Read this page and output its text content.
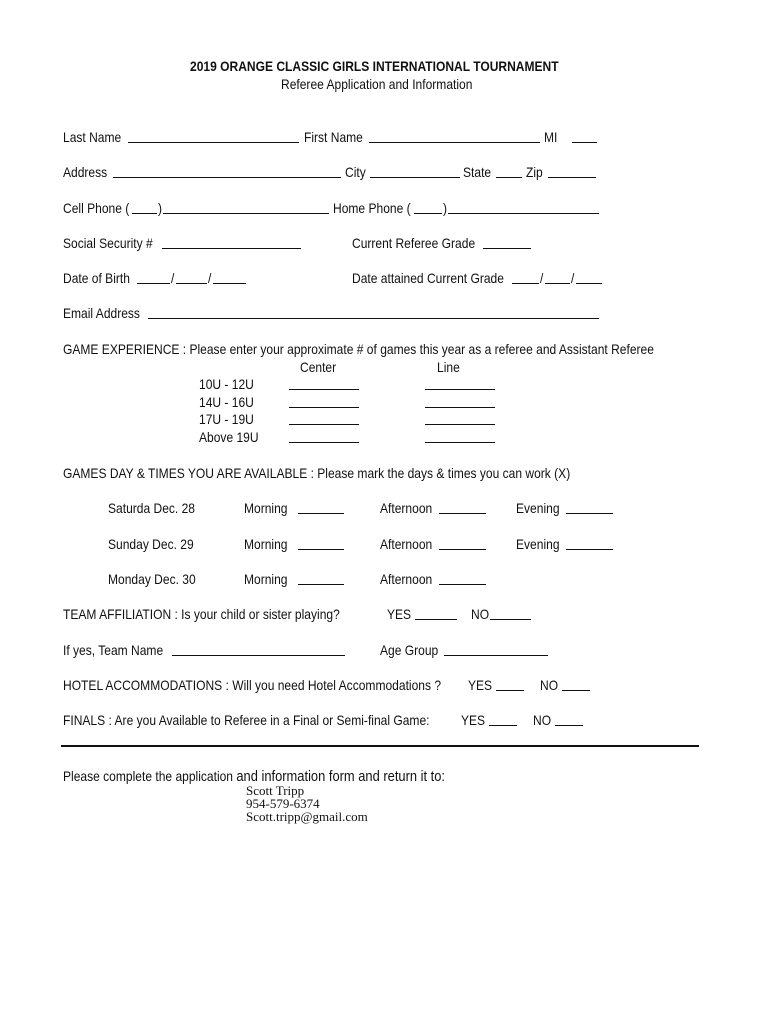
2019 ORANGE CLASSIC GIRLS INTERNATIONAL TOURNAMENT
Referee Application and Information
Last Name	First Name	MI
Address	City	State Zip
Cell Phone ( )	Home Phone ( )
Social Security #	Current Referee Grade
Date of Birth	/ /	Date attained Current Grade	/ /
Email Address
GAME EXPERIENCE : Please enter your approximate # of games this year as a referee and Assistant Referee
Center	Line
10U - 12U
14U - 16U
17U - 19U
Above 19U
GAMES DAY & TIMES YOU ARE AVAILABLE : Please mark the days & times you can work (X)
Saturda Dec. 28	Morning	Afternoon	Evening
Sunday Dec. 29	Morning	Afternoon	Evening
Monday Dec. 30	Morning	Afternoon
TEAM AFFILIATION : Is your child or sister playing?	YES	NO
If yes, Team Name	Age Group
HOTEL ACCOMMODATIONS : Will you need Hotel Accommodations ? YES	NO
FINALS : Are you Available to Referee in a Final or Semi-final Game: YES	NO
Please complete the application and information form and return it to:
Scott Tripp
954-579-6374
Scott.tripp@gmail.com
